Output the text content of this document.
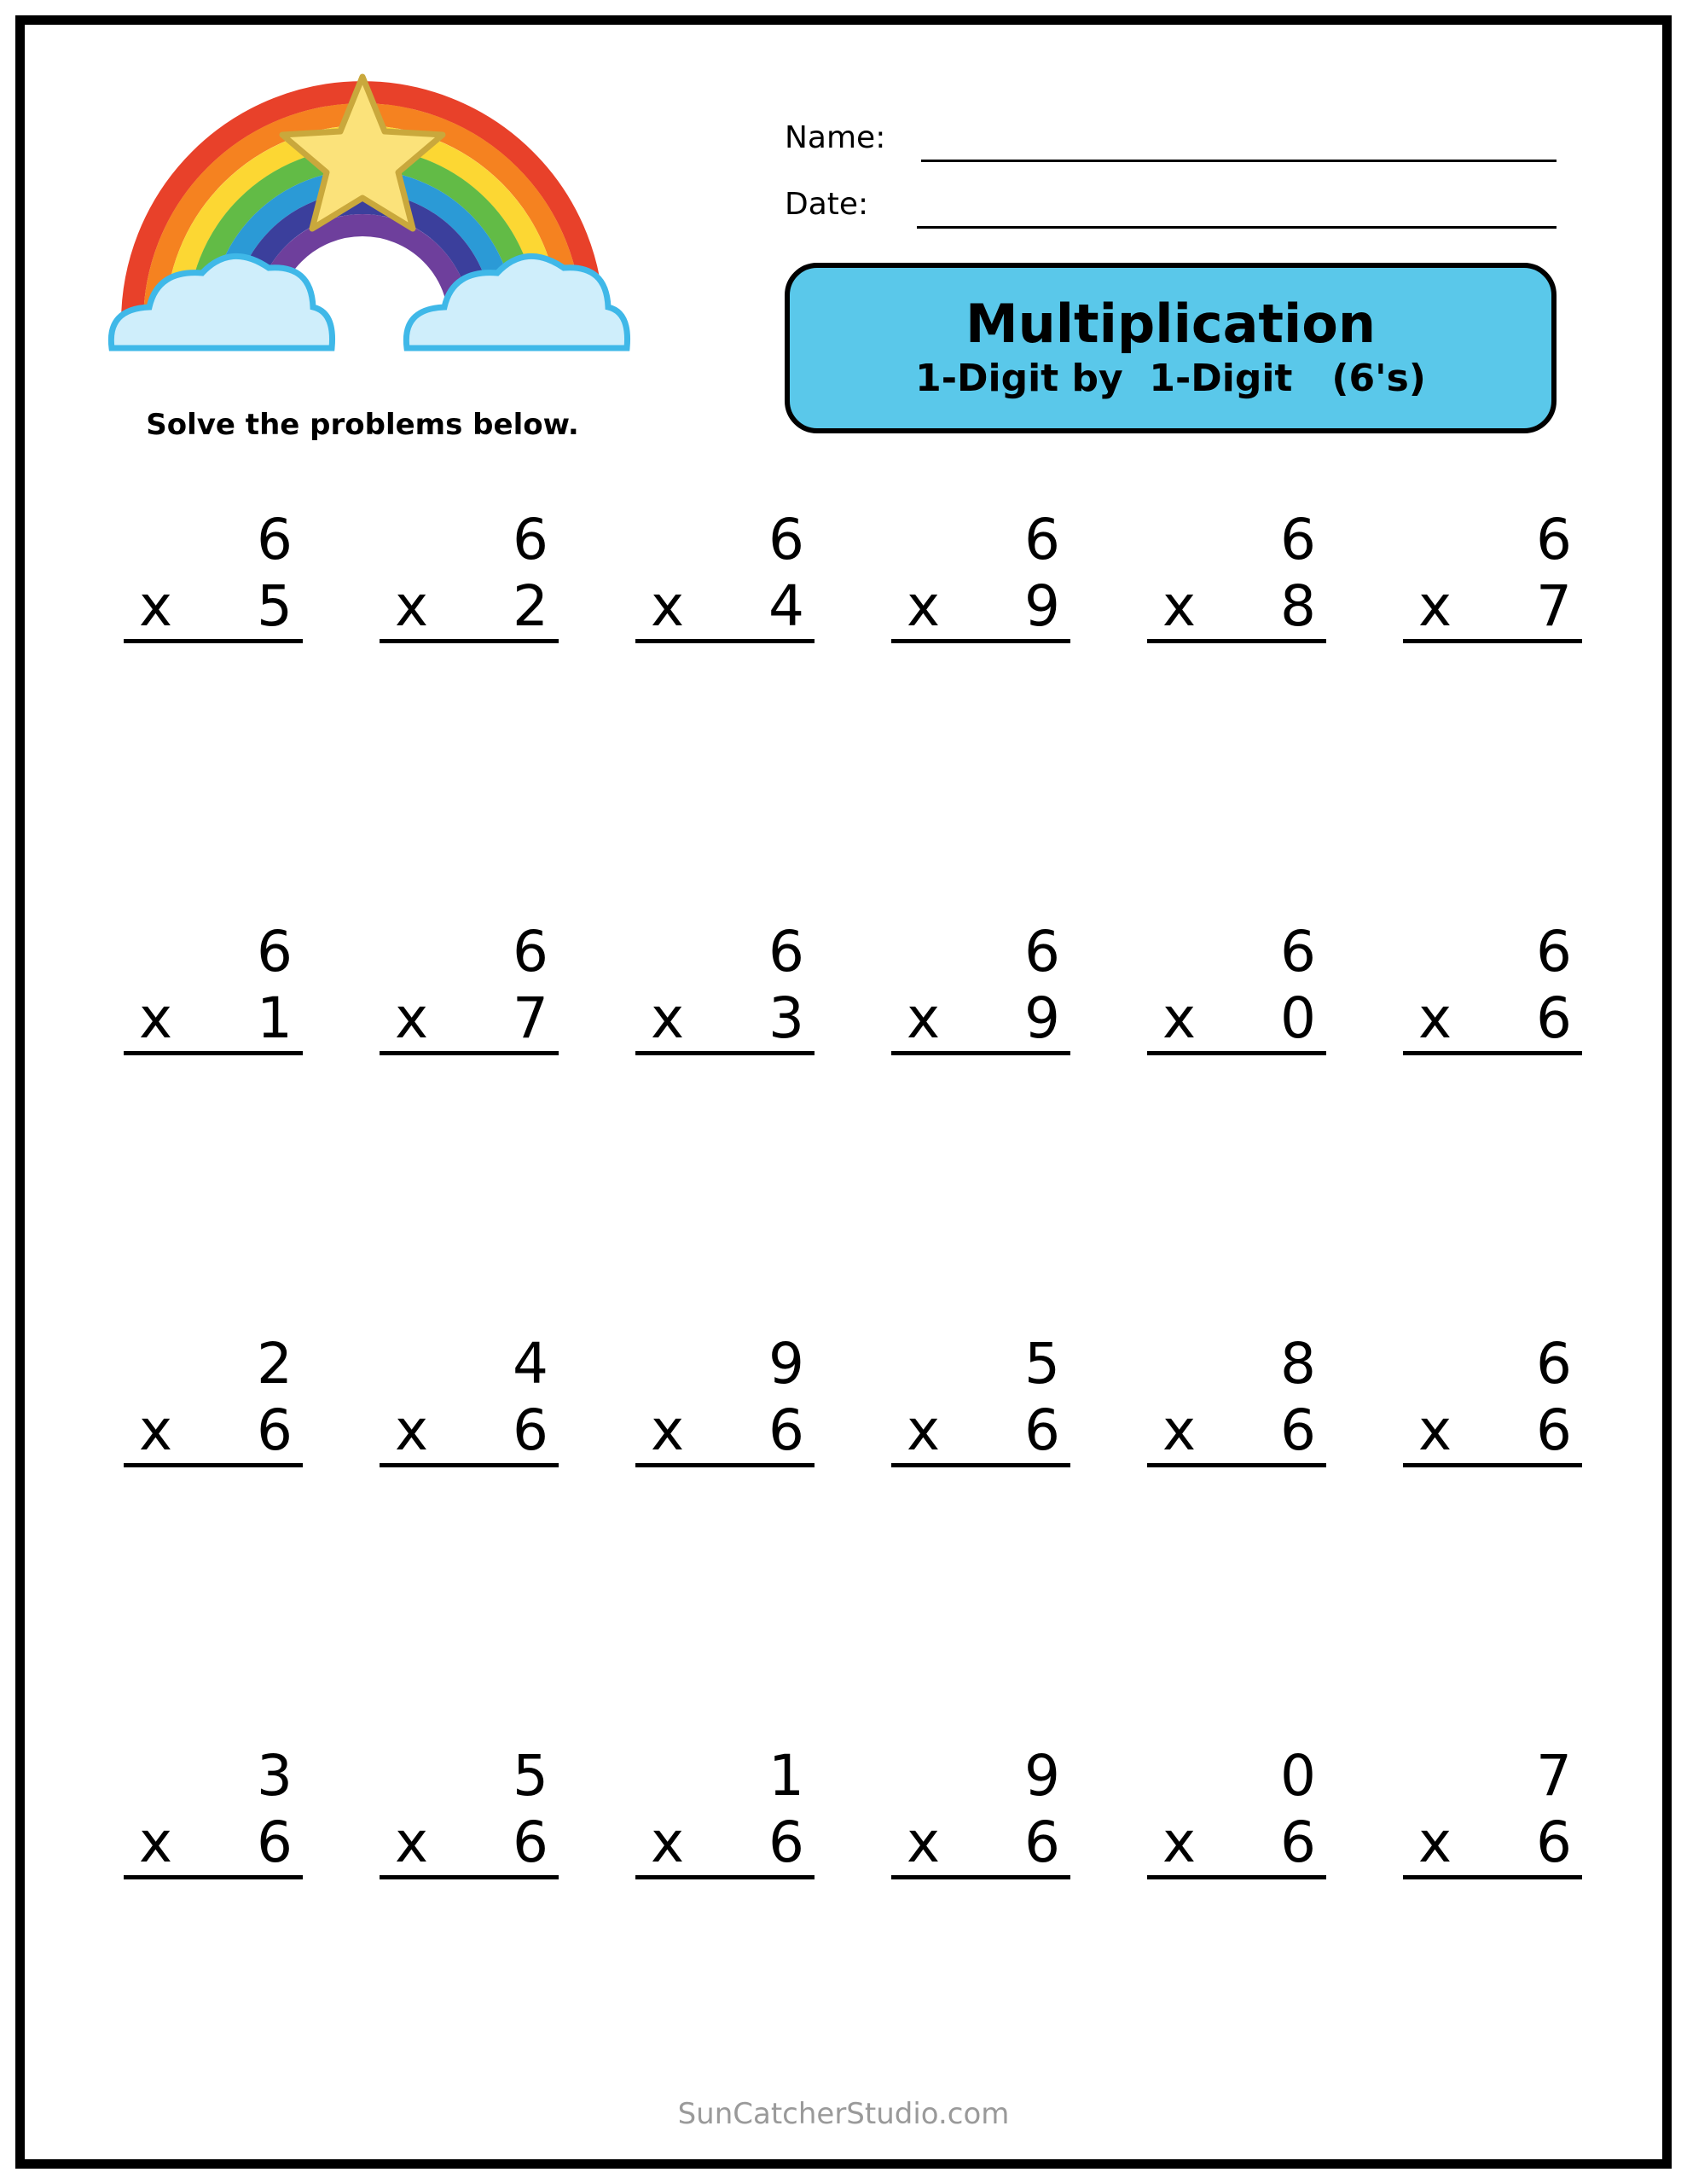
Solve the problems below.
Name:
Date:
Multiplication
1-Digit by  1-Digit   (6's)
6
x 5
6
x 2
6
x 4
6
x 9
6
x 8
6
x 7
6
x 1
6
x 7
6
x 3
6
x 9
6
x 0
6
x 6
2
x 6
4
x 6
9
x 6
5
x 6
8
x 6
6
x 6
3
x 6
5
x 6
1
x 6
9
x 6
0
x 6
7
x 6
SunCatcherStudio.com
